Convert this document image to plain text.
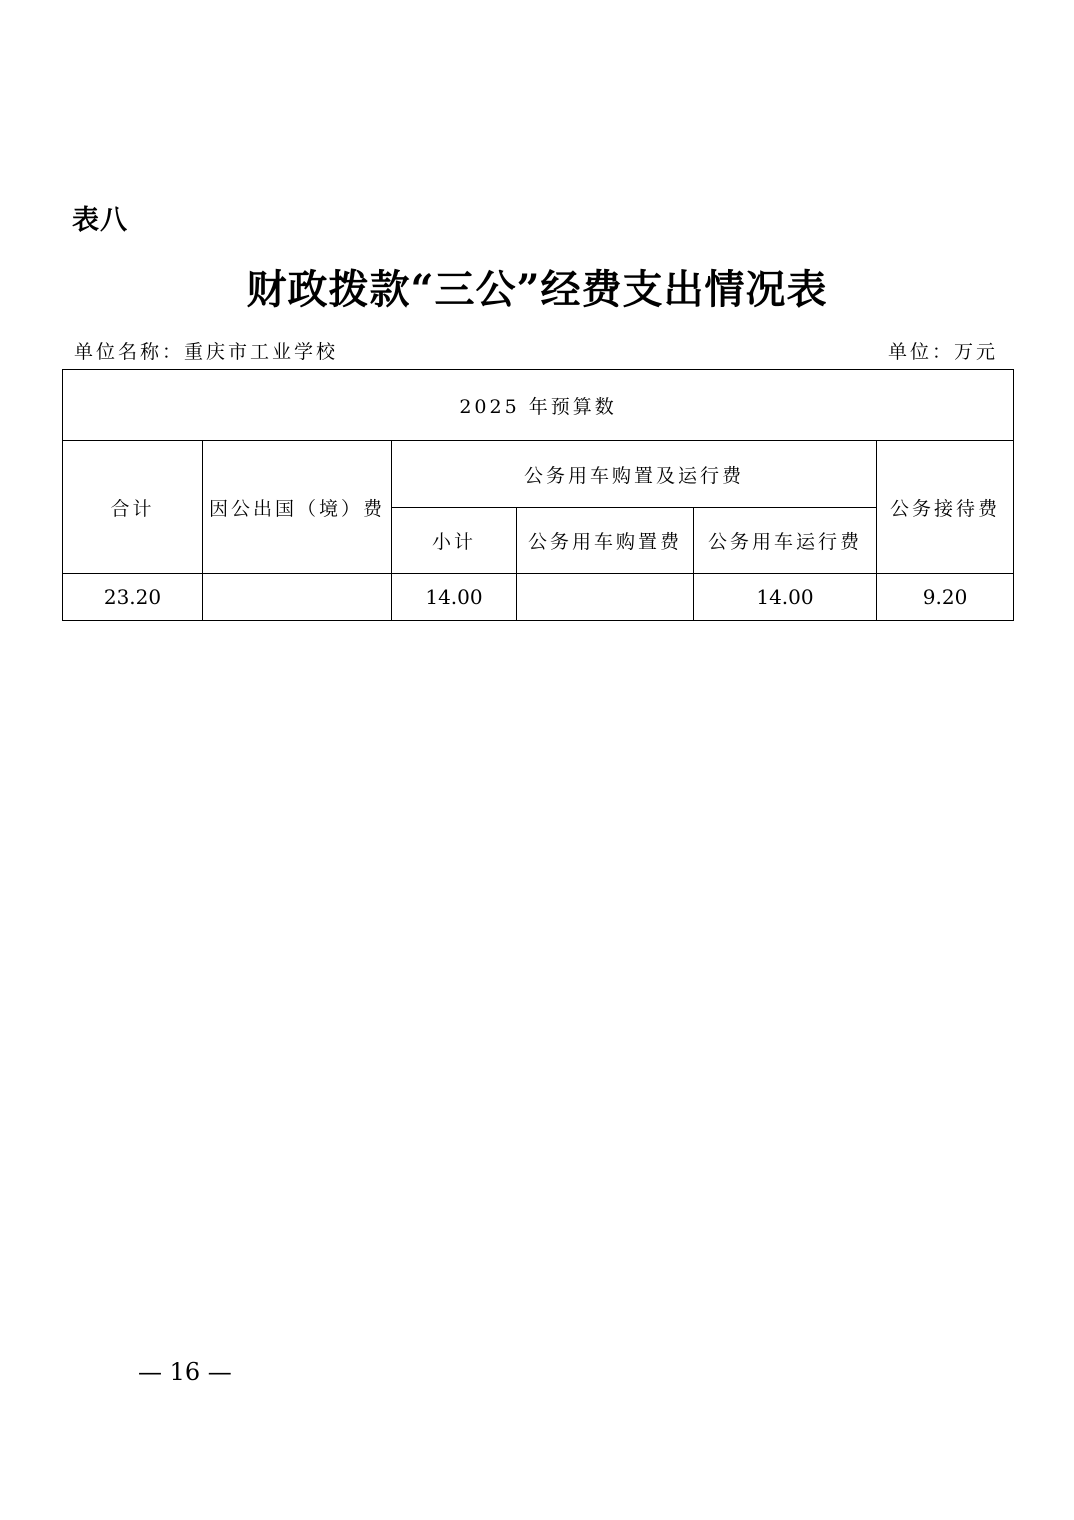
表八
财政拨款“三公”经费支出情况表
单位名称：重庆市工业学校	单位：万元
2025 年预算数					
合计	因公出国（境）费	公务用车购置及运行费			公务接待费
		小计	公务用车购置费	公务用车运行费	
23.20		14.00		14.00	9.20
— 16 —
